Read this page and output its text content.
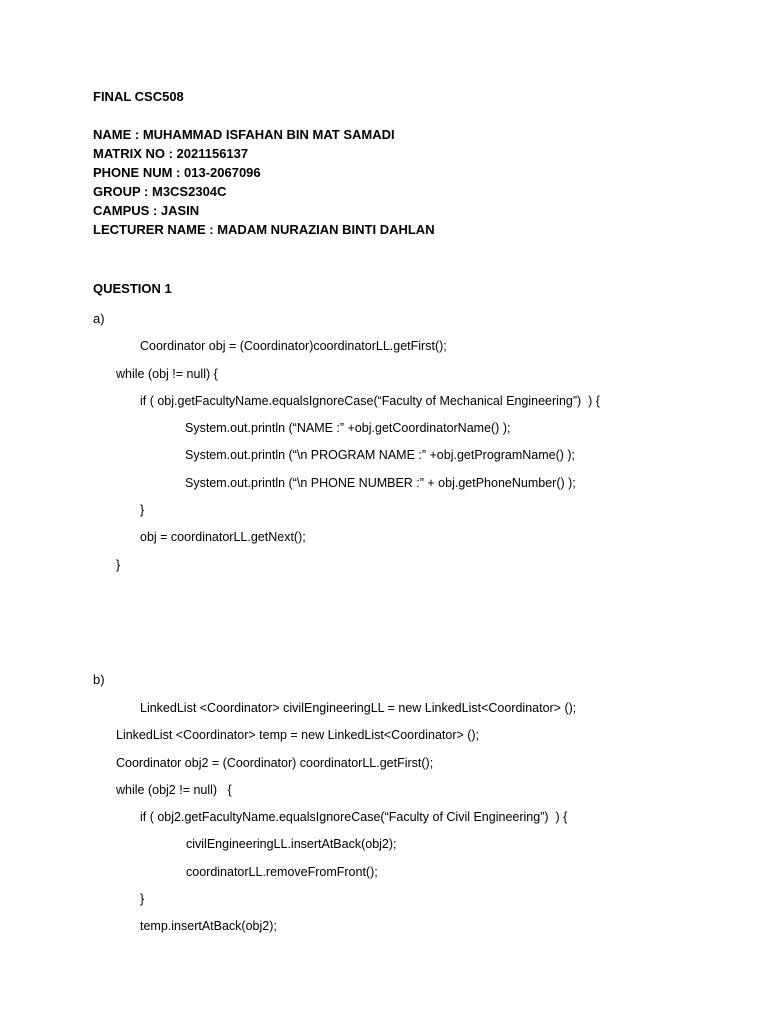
FINAL CSC508
NAME : MUHAMMAD ISFAHAN BIN MAT SAMADI
MATRIX NO : 2021156137
PHONE NUM : 013-2067096
GROUP : M3CS2304C
CAMPUS : JASIN
LECTURER NAME : MADAM NURAZIAN BINTI DAHLAN
QUESTION 1
a)
Coordinator obj = (Coordinator)coordinatorLL.getFirst();
while (obj != null) {
if ( obj.getFacultyName.equalsIgnoreCase(“Faculty of Mechanical Engineering”)  ) {
System.out.println (“NAME :” +obj.getCoordinatorName() );
System.out.println (“\n PROGRAM NAME :” +obj.getProgramName() );
System.out.println (“\n PHONE NUMBER :” + obj.getPhoneNumber() );
}
obj = coordinatorLL.getNext();
}
b)
LinkedList <Coordinator> civilEngineeringLL = new LinkedList<Coordinator> ();
LinkedList <Coordinator> temp = new LinkedList<Coordinator> ();
Coordinator obj2 = (Coordinator) coordinatorLL.getFirst();
while (obj2 != null)   {
if ( obj2.getFacultyName.equalsIgnoreCase(“Faculty of Civil Engineering”)  ) {
civilEngineeringLL.insertAtBack(obj2);
coordinatorLL.removeFromFront();
}
temp.insertAtBack(obj2);
